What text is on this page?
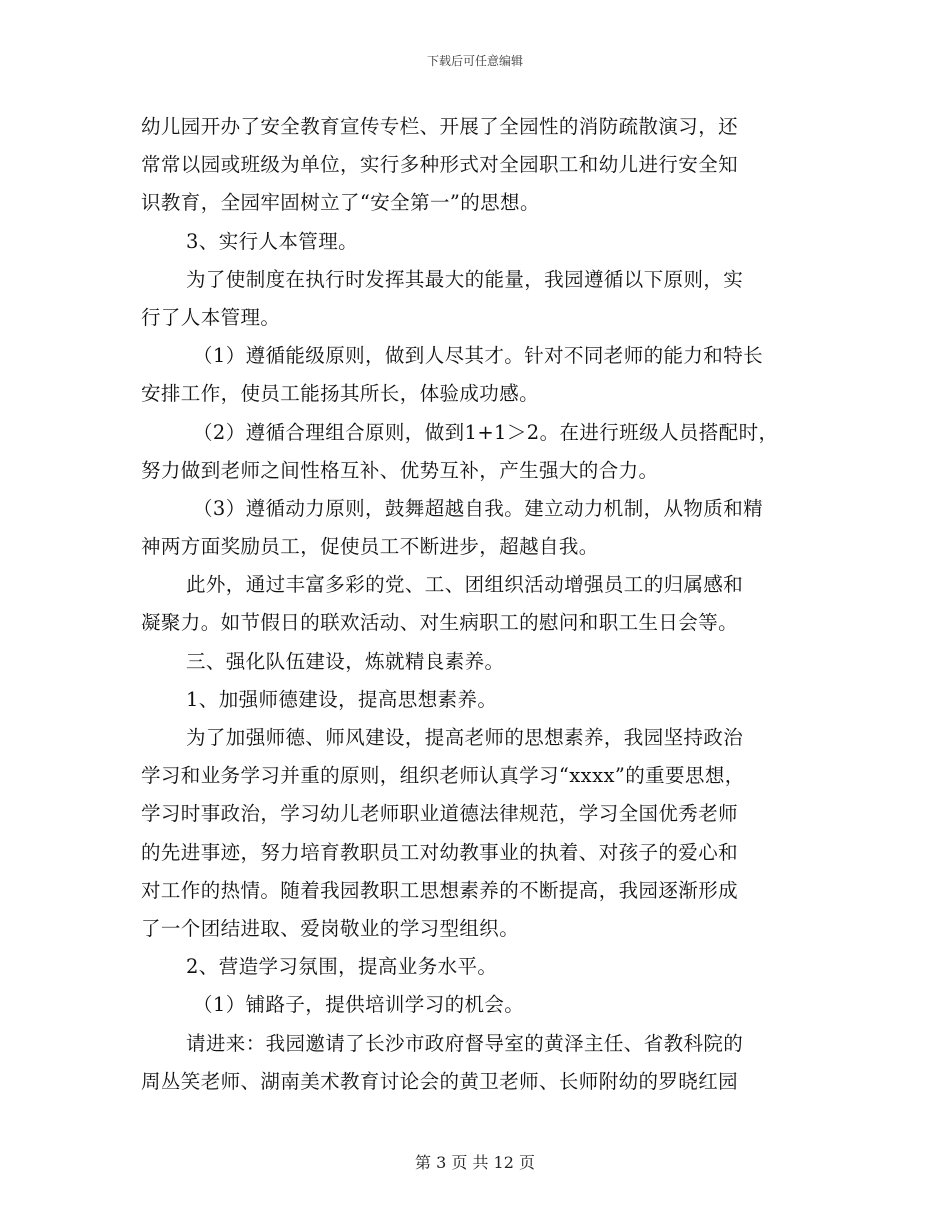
下载后可任意编辑
幼儿园开办了安全教育宣传专栏、开展了全园性的消防疏散演习，还
常常以园或班级为单位，实行多种形式对全园职工和幼儿进行安全知
识教育，全园牢固树立了“安全第一”的思想。
3、实行人本管理。
为了使制度在执行时发挥其最大的能量，我园遵循以下原则，实
行了人本管理。
（1）遵循能级原则，做到人尽其才。针对不同老师的能力和特长
安排工作，使员工能扬其所长，体验成功感。
（2）遵循合理组合原则，做到1+1＞2。在进行班级人员搭配时，
努力做到老师之间性格互补、优势互补，产生强大的合力。
（3）遵循动力原则，鼓舞超越自我。建立动力机制，从物质和精
神两方面奖励员工，促使员工不断进步，超越自我。
此外，通过丰富多彩的党、工、团组织活动增强员工的归属感和
凝聚力。如节假日的联欢活动、对生病职工的慰问和职工生日会等。
三、强化队伍建设，炼就精良素养。
1、加强师德建设，提高思想素养。
为了加强师德、师风建设，提高老师的思想素养，我园坚持政治
学习和业务学习并重的原则，组织老师认真学习“xxxx”的重要思想，
学习时事政治，学习幼儿老师职业道德法律规范，学习全国优秀老师
的先进事迹，努力培育教职员工对幼教事业的执着、对孩子的爱心和
对工作的热情。随着我园教职工思想素养的不断提高，我园逐渐形成
了一个团结进取、爱岗敬业的学习型组织。
2、营造学习氛围，提高业务水平。
（1）铺路子，提供培训学习的机会。
请进来：我园邀请了长沙市政府督导室的黄泽主任、省教科院的
周丛笑老师、湖南美术教育讨论会的黄卫老师、长师附幼的罗晓红园
第 3 页 共 12 页
